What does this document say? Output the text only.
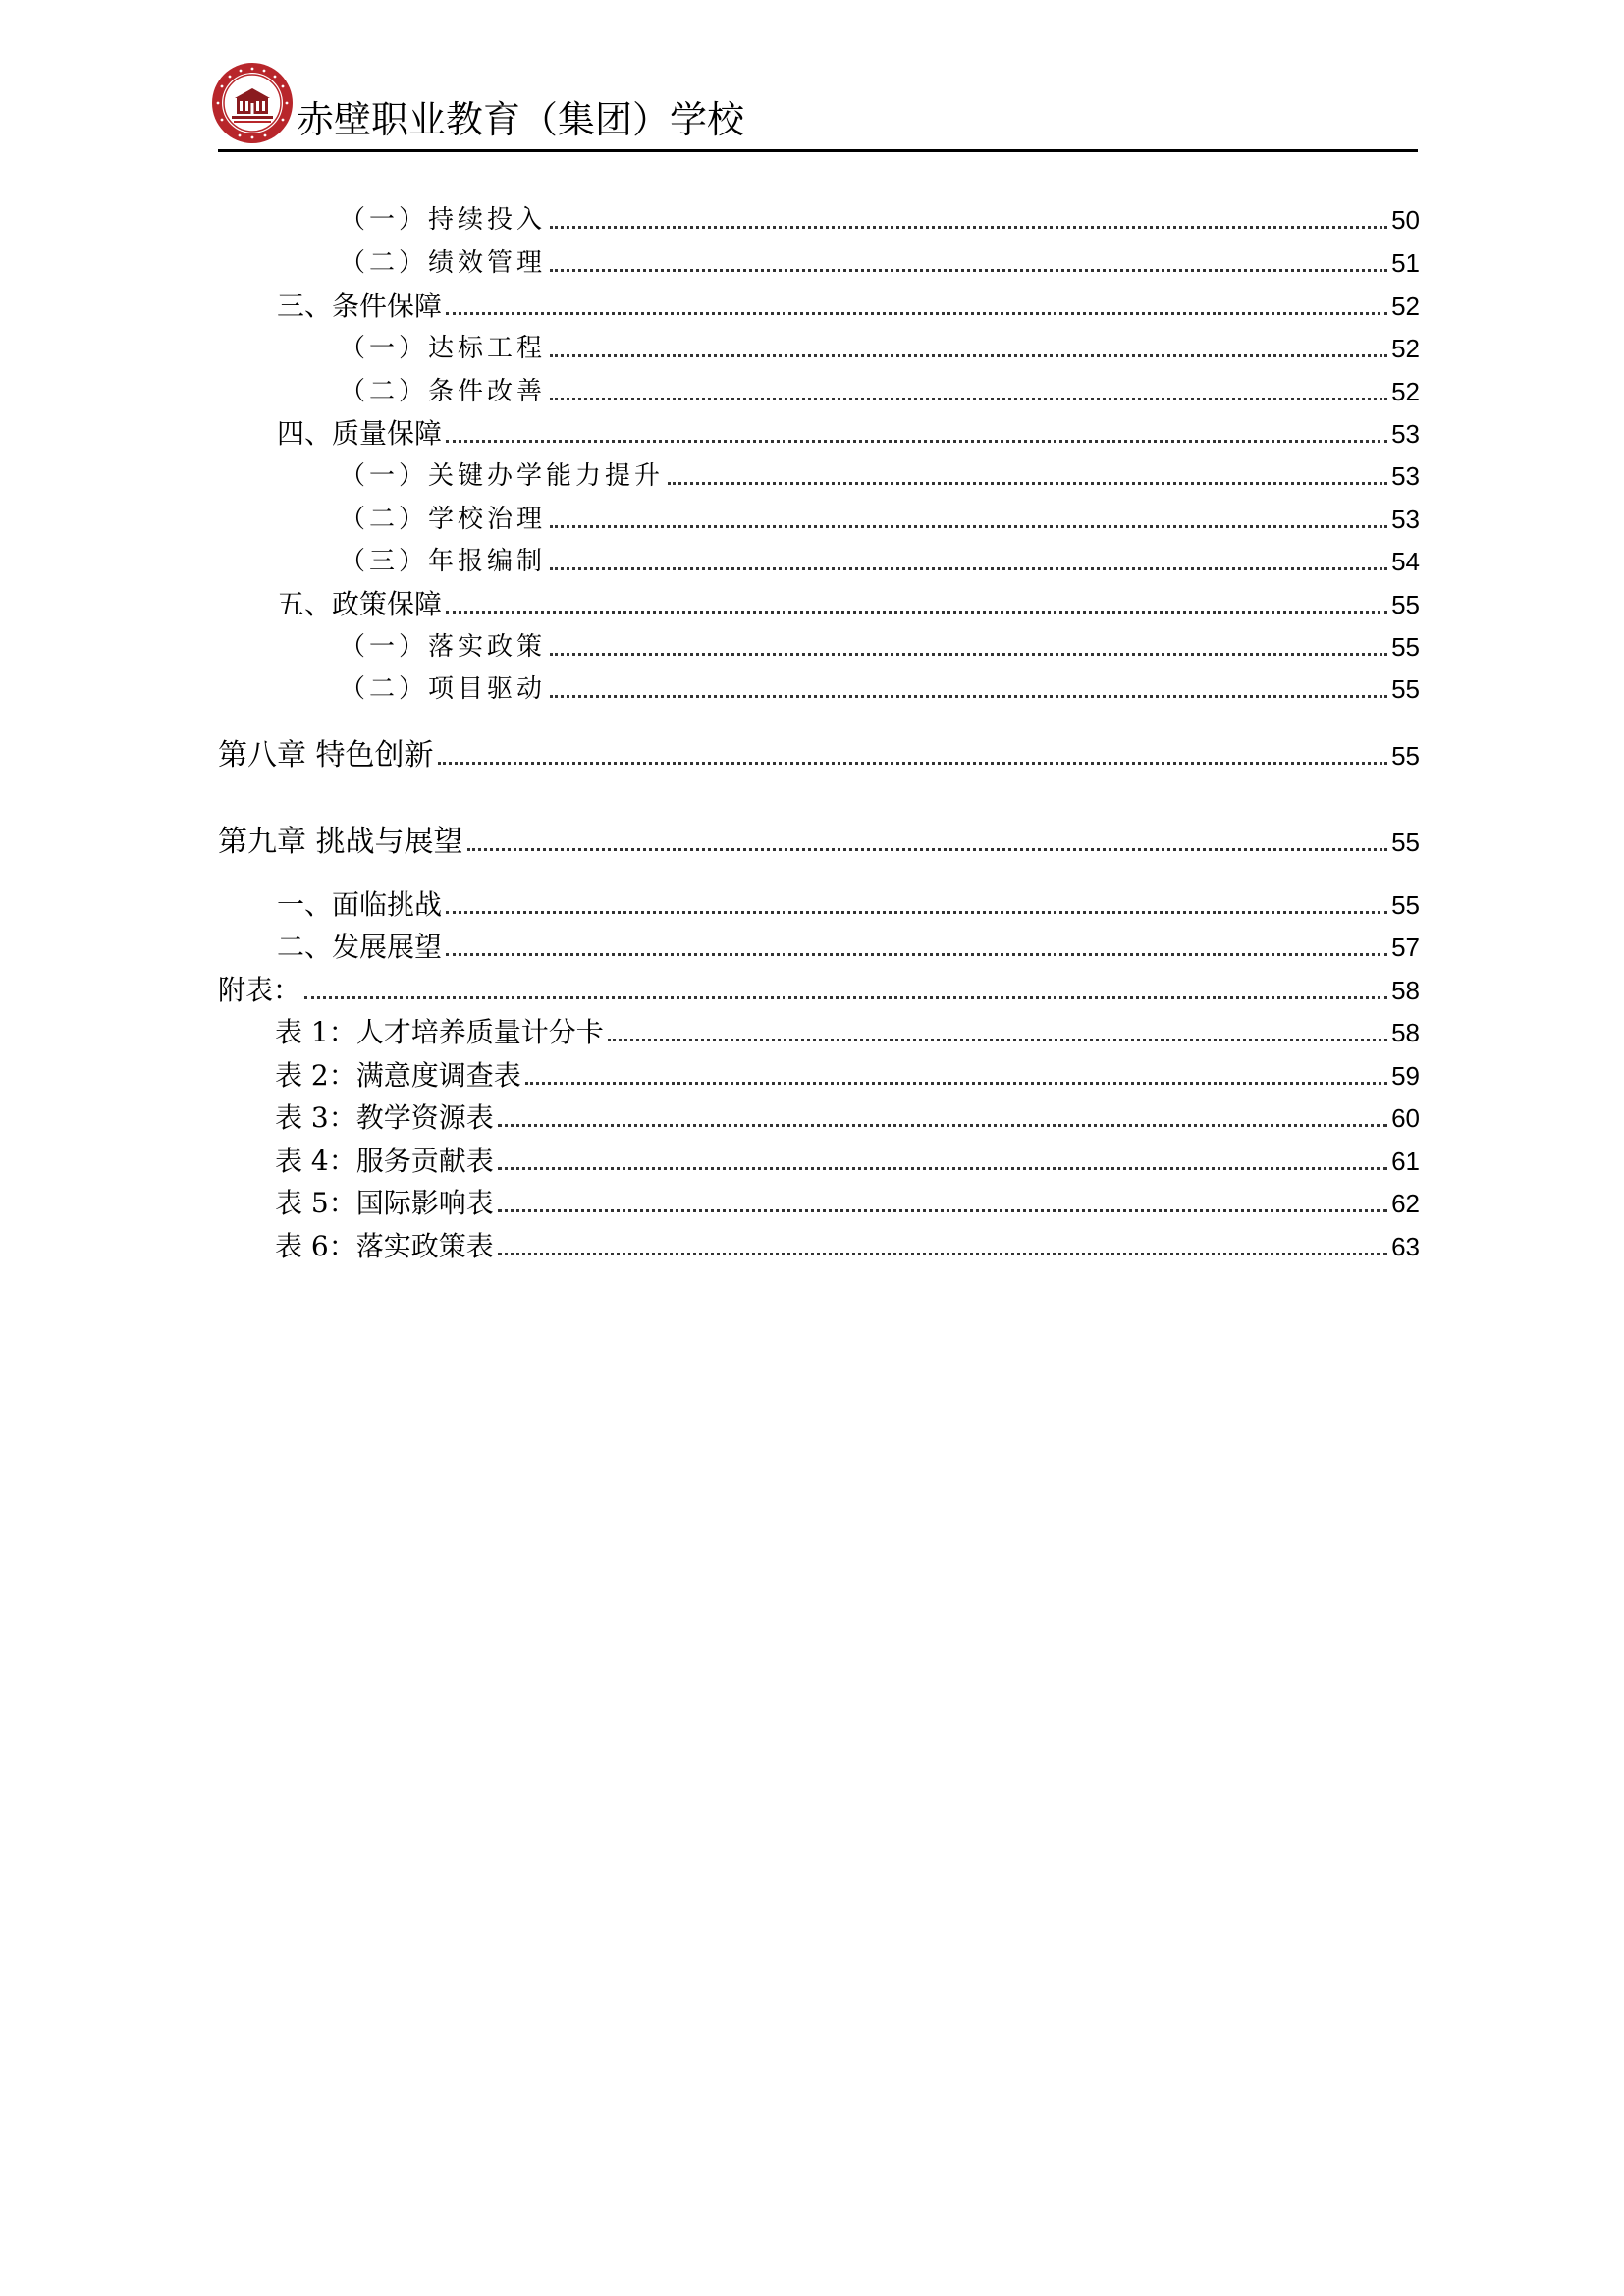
赤壁职业教育（集团）学校
（一）持续投入	50
（二）绩效管理	51
三、条件保障	52
（一）达标工程	52
（二）条件改善	52
四、质量保障	53
（一）关键办学能力提升	53
（二）学校治理	53
（三）年报编制	54
五、政策保障	55
（一）落实政策	55
（二）项目驱动	55
第八章 特色创新	55
第九章 挑战与展望	55
一、面临挑战	55
二、发展展望	57
附表：	58
表 1：人才培养质量计分卡	58
表 2：满意度调查表	59
表 3：教学资源表	60
表 4：服务贡献表	61
表 5：国际影响表	62
表 6：落实政策表	63
